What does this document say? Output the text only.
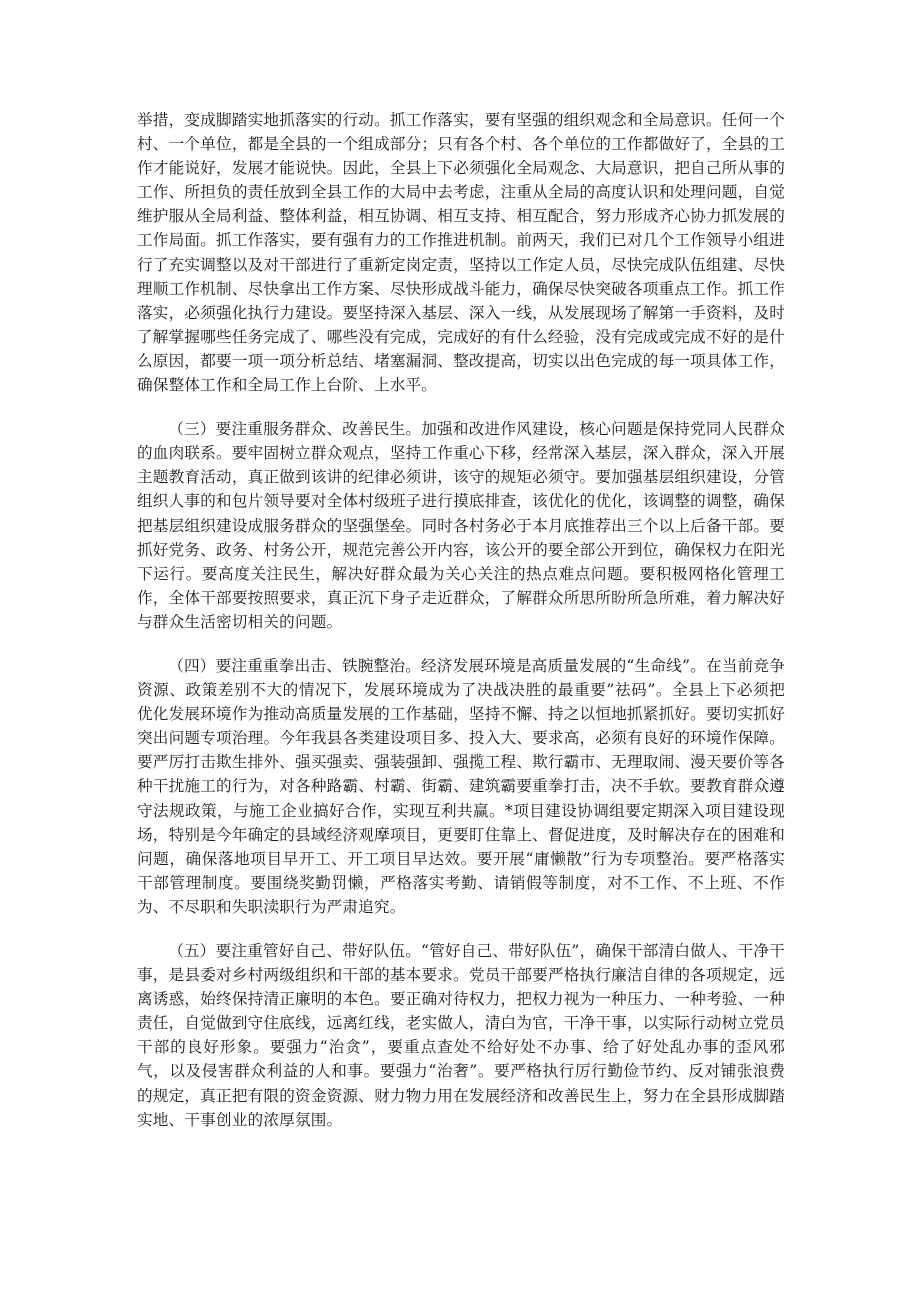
举措，变成脚踏实地抓落实的行动。抓工作落实，要有坚强的组织观念和全局意识。任何一个村、一个单位，都是全县的一个组成部分；只有各个村、各个单位的工作都做好了，全县的工作才能说好，发展才能说快。因此，全县上下必须强化全局观念、大局意识，把自己所从事的工作、所担负的责任放到全县工作的大局中去考虑，注重从全局的高度认识和处理问题，自觉维护服从全局利益、整体利益，相互协调、相互支持、相互配合，努力形成齐心协力抓发展的工作局面。抓工作落实，要有强有力的工作推进机制。前两天，我们已对几个工作领导小组进行了充实调整以及对干部进行了重新定岗定责，坚持以工作定人员，尽快完成队伍组建、尽快理顺工作机制、尽快拿出工作方案、尽快形成战斗能力，确保尽快突破各项重点工作。抓工作落实，必须强化执行力建设。要坚持深入基层、深入一线，从发展现场了解第一手资料，及时了解掌握哪些任务完成了、哪些没有完成，完成好的有什么经验，没有完成或完成不好的是什么原因，都要一项一项分析总结、堵塞漏洞、整改提高，切实以出色完成的每一项具体工作，确保整体工作和全局工作上台阶、上水平。

（三）要注重服务群众、改善民生。加强和改进作风建设，核心问题是保持党同人民群众的血肉联系。要牢固树立群众观点，坚持工作重心下移，经常深入基层，深入群众，深入开展主题教育活动，真正做到该讲的纪律必须讲，该守的规矩必须守。要加强基层组织建设，分管组织人事的和包片领导要对全体村级班子进行摸底排查，该优化的优化，该调整的调整，确保把基层组织建设成服务群众的坚强堡垒。同时各村务必于本月底推荐出三个以上后备干部。要抓好党务、政务、村务公开，规范完善公开内容，该公开的要全部公开到位，确保权力在阳光下运行。要高度关注民生，解决好群众最为关心关注的热点难点问题。要积极网格化管理工作，全体干部要按照要求，真正沉下身子走近群众，了解群众所思所盼所急所难，着力解决好与群众生活密切相关的问题。

（四）要注重重拳出击、铁腕整治。经济发展环境是高质量发展的“生命线”。在当前竞争资源、政策差别不大的情况下，发展环境成为了决战决胜的最重要”祛码”。全县上下必须把优化发展环境作为推动高质量发展的工作基础，坚持不懈、持之以恒地抓紧抓好。要切实抓好突出问题专项治理。今年我县各类建设项目多、投入大、要求高，必须有良好的环境作保障。要严厉打击欺生排外、强买强卖、强装强卸、强揽工程、欺行霸市、无理取闹、漫天要价等各种干扰施工的行为，对各种路霸、村霸、街霸、建筑霸要重拳打击，决不手软。要教育群众遵守法规政策，与施工企业搞好合作，实现互利共赢。*项目建设协调组要定期深入项目建设现场，特别是今年确定的县域经济观摩项目，更要盯住靠上、督促进度，及时解决存在的困难和问题，确保落地项目早开工、开工项目早达效。要开展“庸懒散”行为专项整治。要严格落实干部管理制度。要围绕奖勤罚懒，严格落实考勤、请销假等制度，对不工作、不上班、不作为、不尽职和失职渎职行为严肃追究。

（五）要注重管好自己、带好队伍。“管好自己、带好队伍”，确保干部清白做人、干净干事，是县委对乡村两级组织和干部的基本要求。党员干部要严格执行廉洁自律的各项规定，远离诱惑，始终保持清正廉明的本色。要正确对待权力，把权力视为一种压力、一种考验、一种责任，自觉做到守住底线，远离红线，老实做人，清白为官，干净干事，以实际行动树立党员干部的良好形象。要强力“治贪”，要重点查处不给好处不办事、给了好处乱办事的歪风邪气，以及侵害群众利益的人和事。要强力“治奢”。要严格执行厉行勤俭节约、反对铺张浪费的规定，真正把有限的资金资源、财力物力用在发展经济和改善民生上，努力在全县形成脚踏实地、干事创业的浓厚氛围。
